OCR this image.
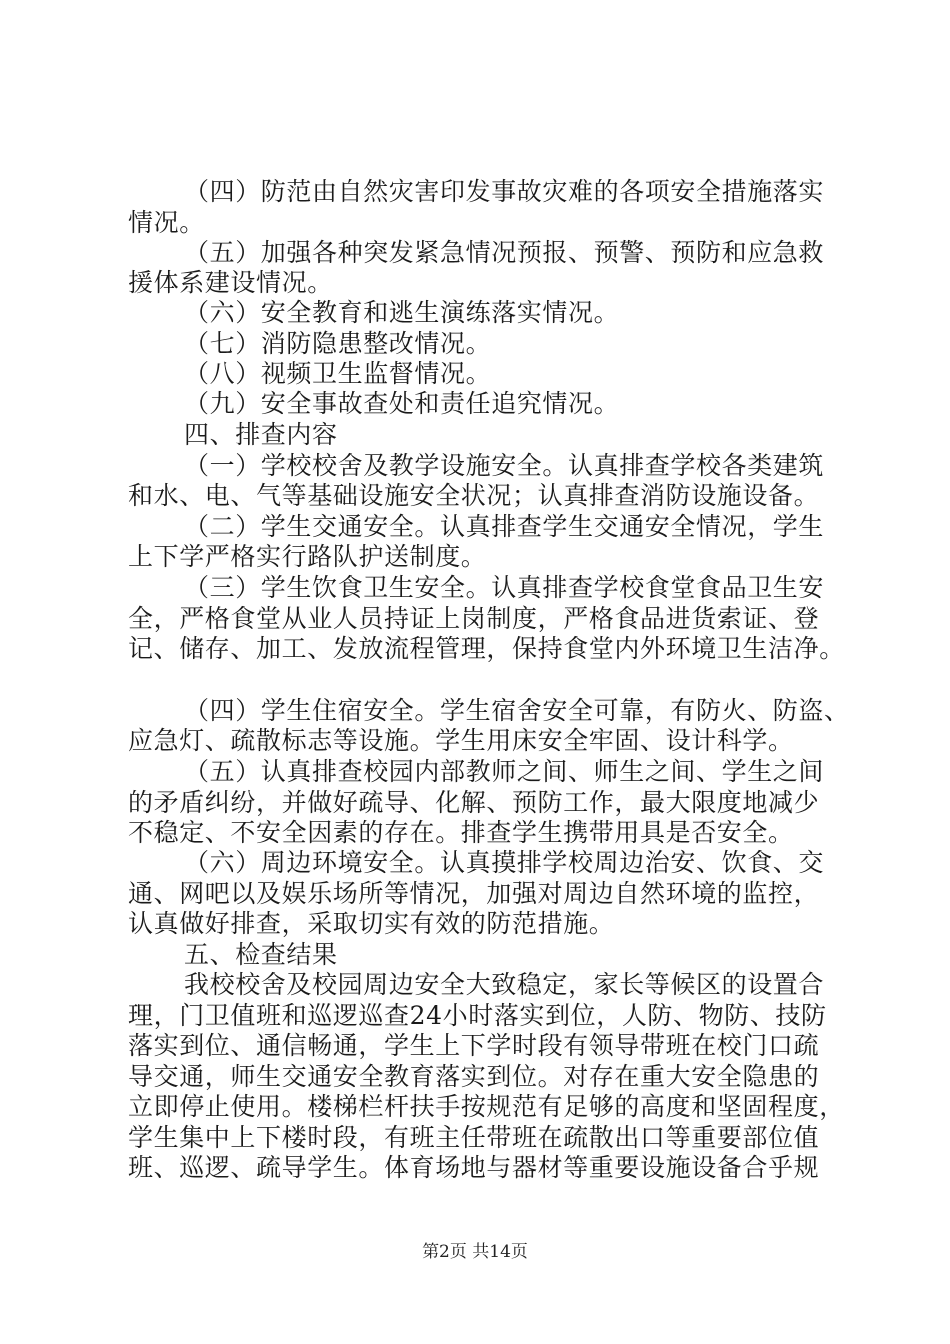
（四）防范由自然灾害印发事故灾难的各项安全措施落实
情况。
（五）加强各种突发紧急情况预报、预警、预防和应急救
援体系建设情况。
（六）安全教育和逃生演练落实情况。
（七）消防隐患整改情况。
（八）视频卫生监督情况。
（九）安全事故查处和责任追究情况。
四、排查内容
（一）学校校舍及教学设施安全。认真排查学校各类建筑
和水、电、气等基础设施安全状况；认真排查消防设施设备。
（二）学生交通安全。认真排查学生交通安全情况，学生
上下学严格实行路队护送制度。
（三）学生饮食卫生安全。认真排查学校食堂食品卫生安
全，严格食堂从业人员持证上岗制度，严格食品进货索证、登
记、储存、加工、发放流程管理，保持食堂内外环境卫生洁净。
（四）学生住宿安全。学生宿舍安全可靠，有防火、防盗、
应急灯、疏散标志等设施。学生用床安全牢固、设计科学。
（五）认真排查校园内部教师之间、师生之间、学生之间
的矛盾纠纷，并做好疏导、化解、预防工作，最大限度地减少
不稳定、不安全因素的存在。排查学生携带用具是否安全。
（六）周边环境安全。认真摸排学校周边治安、饮食、交
通、网吧以及娱乐场所等情况，加强对周边自然环境的监控，
认真做好排查，采取切实有效的防范措施。
五、检查结果
我校校舍及校园周边安全大致稳定，家长等候区的设置合
理，门卫值班和巡逻巡查24小时落实到位，人防、物防、技防
落实到位、通信畅通，学生上下学时段有领导带班在校门口疏
导交通，师生交通安全教育落实到位。对存在重大安全隐患的
立即停止使用。楼梯栏杆扶手按规范有足够的高度和坚固程度，
学生集中上下楼时段，有班主任带班在疏散出口等重要部位值
班、巡逻、疏导学生。体育场地与器材等重要设施设备合乎规
第2页 共14页
